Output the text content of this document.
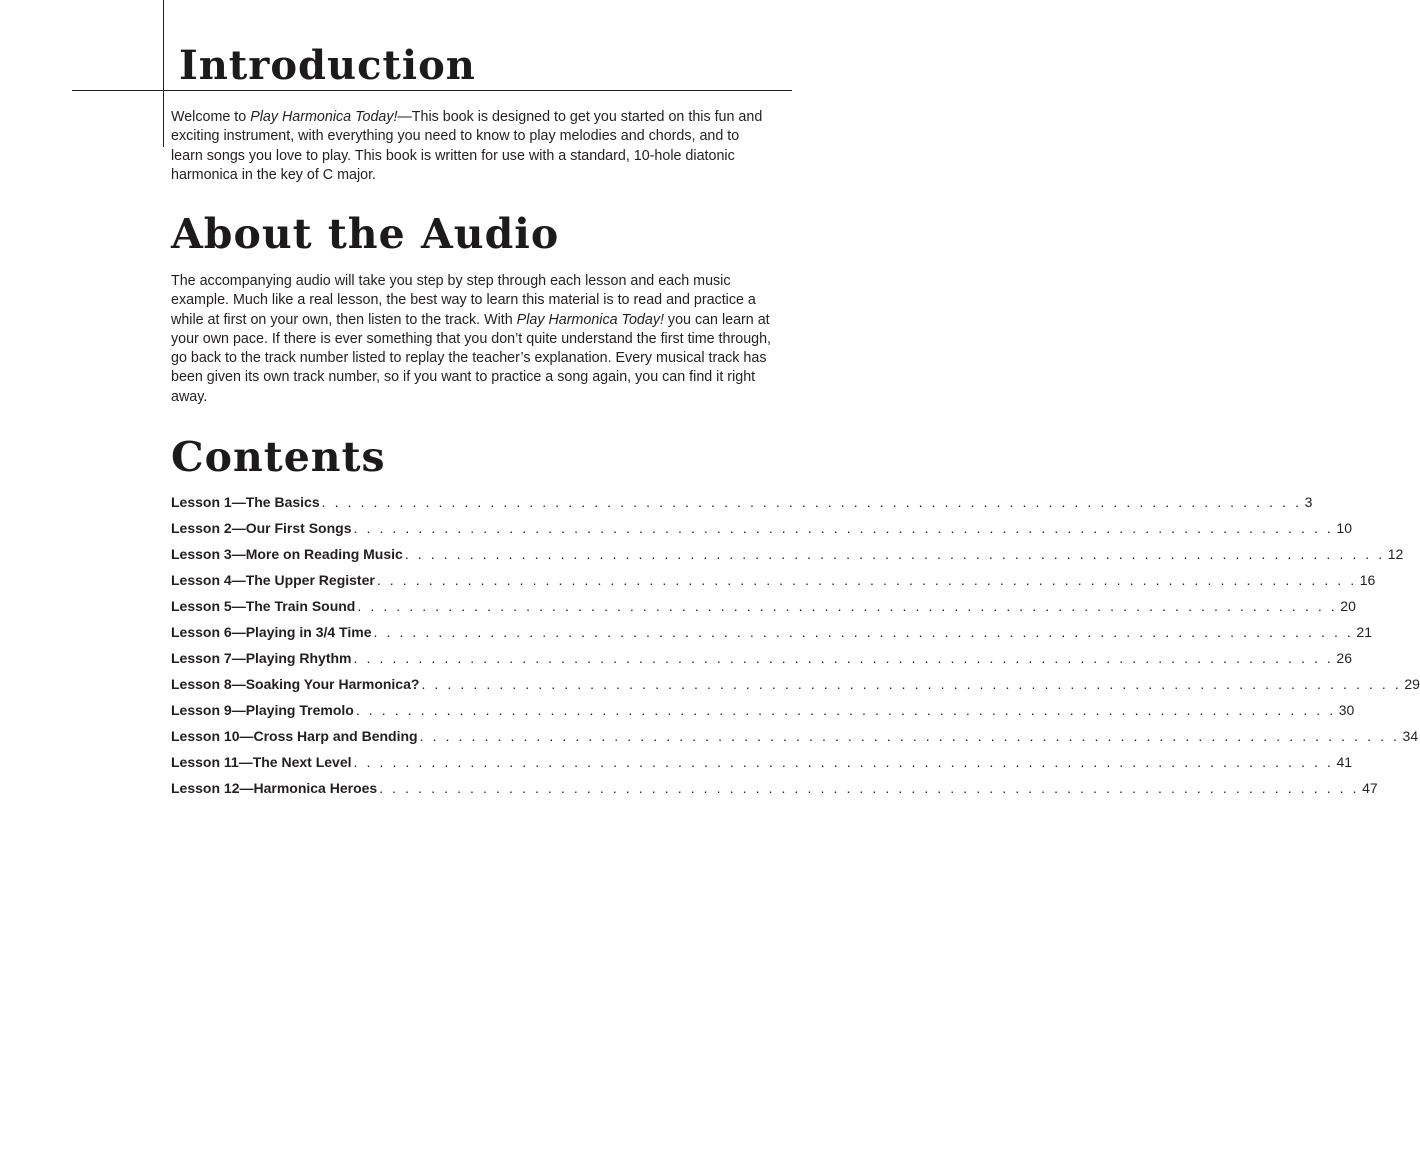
Introduction

Welcome to Play Harmonica Today!—This book is designed to get you started on this fun and exciting instrument, with everything you need to know to play melodies and chords, and to learn songs you love to play. This book is written for use with a standard, 10-hole diatonic harmonica in the key of C major.

About the Audio

The accompanying audio will take you step by step through each lesson and each music example. Much like a real lesson, the best way to learn this material is to read and practice a while at first on your own, then listen to the track. With Play Harmonica Today! you can learn at your own pace. If there is ever something that you don’t quite understand the first time through, go back to the track number listed to replay the teacher’s explanation. Every musical track has been given its own track number, so if you want to practice a song again, you can find it right away.

Contents
Lesson 1—The Basics . . . . . . . . . . . . . . . . . . . . . . . . . . . . . . . . . . . . . . . . . . . . . . . . . . . . . . . . . . . . . . . . . . . . . . . . . . . . 3
Lesson 2—Our First Songs . . . . . . . . . . . . . . . . . . . . . . . . . . . . . . . . . . . . . . . . . . . . . . . . . . . . . . . . . . . . . . . . . . . . . . . . . . . . 10
Lesson 3—More on Reading Music . . . . . . . . . . . . . . . . . . . . . . . . . . . . . . . . . . . . . . . . . . . . . . . . . . . . . . . . . . . . . . . . . . . . . . . . . . . . 12
Lesson 4—The Upper Register . . . . . . . . . . . . . . . . . . . . . . . . . . . . . . . . . . . . . . . . . . . . . . . . . . . . . . . . . . . . . . . . . . . . . . . . . . . . 16
Lesson 5—The Train Sound . . . . . . . . . . . . . . . . . . . . . . . . . . . . . . . . . . . . . . . . . . . . . . . . . . . . . . . . . . . . . . . . . . . . . . . . . . . . 20
Lesson 6—Playing in 3/4 Time . . . . . . . . . . . . . . . . . . . . . . . . . . . . . . . . . . . . . . . . . . . . . . . . . . . . . . . . . . . . . . . . . . . . . . . . . . . . 21
Lesson 7—Playing Rhythm . . . . . . . . . . . . . . . . . . . . . . . . . . . . . . . . . . . . . . . . . . . . . . . . . . . . . . . . . . . . . . . . . . . . . . . . . . . . 26
Lesson 8—Soaking Your Harmonica? . . . . . . . . . . . . . . . . . . . . . . . . . . . . . . . . . . . . . . . . . . . . . . . . . . . . . . . . . . . . . . . . . . . . . . . . . . . . 29
Lesson 9—Playing Tremolo . . . . . . . . . . . . . . . . . . . . . . . . . . . . . . . . . . . . . . . . . . . . . . . . . . . . . . . . . . . . . . . . . . . . . . . . . . . . 30
Lesson 10—Cross Harp and Bending . . . . . . . . . . . . . . . . . . . . . . . . . . . . . . . . . . . . . . . . . . . . . . . . . . . . . . . . . . . . . . . . . . . . . . . . . . . . 34
Lesson 11—The Next Level . . . . . . . . . . . . . . . . . . . . . . . . . . . . . . . . . . . . . . . . . . . . . . . . . . . . . . . . . . . . . . . . . . . . . . . . . . . . 41
Lesson 12—Harmonica Heroes . . . . . . . . . . . . . . . . . . . . . . . . . . . . . . . . . . . . . . . . . . . . . . . . . . . . . . . . . . . . . . . . . . . . . . . . . . . . 47
